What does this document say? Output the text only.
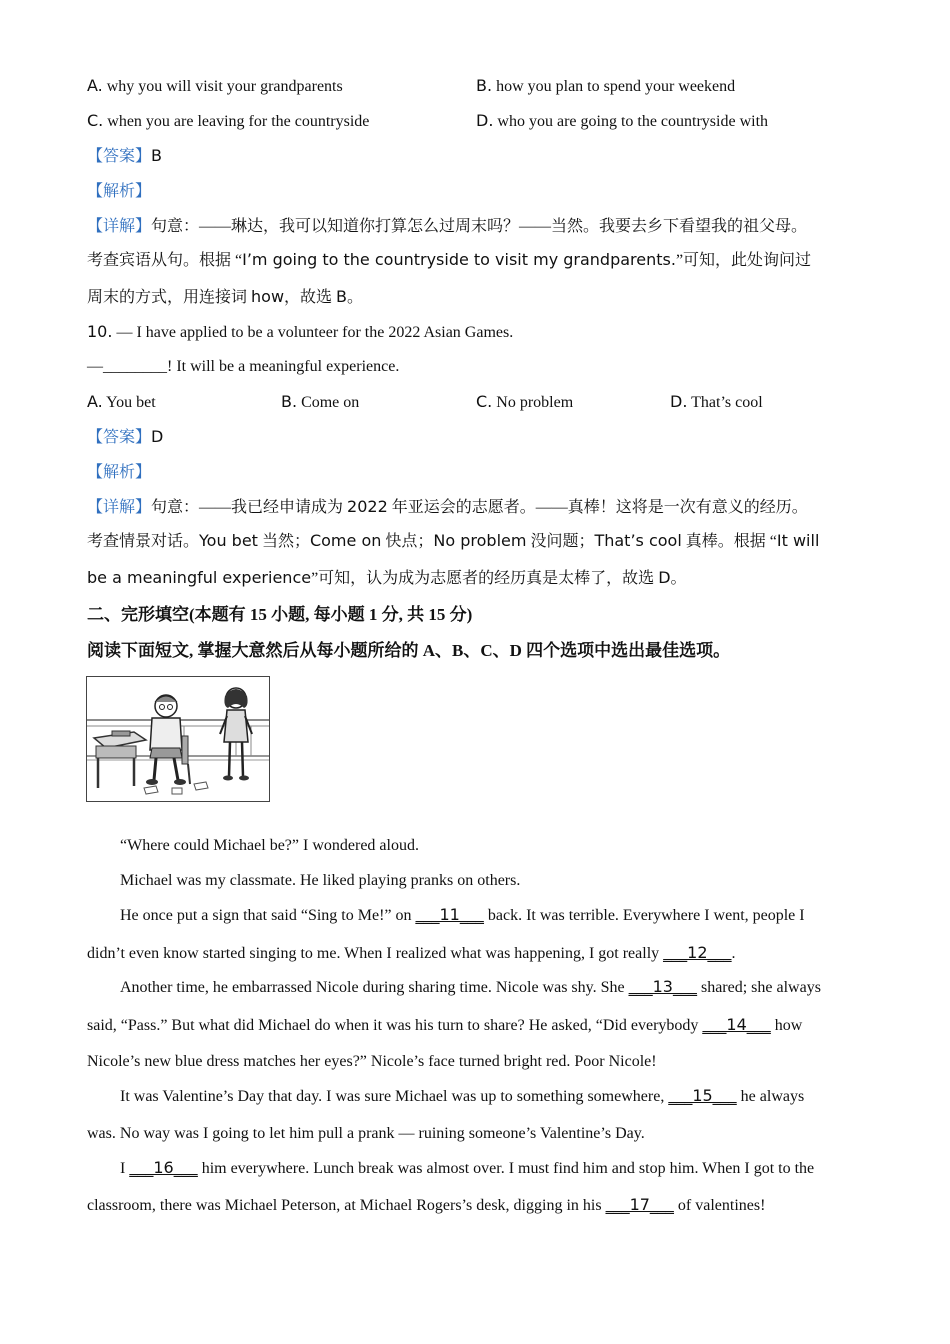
A. why you will visit your grandparents	B. how you plan to spend your weekend
C. when you are leaving for the countryside	D. who you are going to the countryside with
【答案】B
【解析】
【详解】句意：——琳达，我可以知道你打算怎么过周末吗？——当然。我要去乡下看望我的祖父母。
考查宾语从句。根据 “I’m going to the countryside to visit my grandparents.”可知，此处询问过
周末的方式，用连接词 how，故选 B。
10. — I have applied to be a volunteer for the 2022 Asian Games.
—________! It will be a meaningful experience.
A. You bet	B. Come on	C. No problem	D. That’s cool
【答案】D
【解析】
【详解】句意：——我已经申请成为 2022 年亚运会的志愿者。——真棒！这将是一次有意义的经历。
考查情景对话。You bet 当然；Come on 快点；No problem 没问题；That’s cool 真棒。根据 “It will
be a meaningful experience”可知，认为成为志愿者的经历真是太棒了，故选 D。
二、完形填空(本题有 15 小题, 每小题 1 分, 共 15 分)
阅读下面短文, 掌握大意然后从每小题所给的 A、B、C、D 四个选项中选出最佳选项。
“Where could Michael be?” I wondered aloud.
Michael was my classmate. He liked playing pranks on others.
He once put a sign that said “Sing to Me!” on ___11___ back. It was terrible. Everywhere I went, people I
didn’t even know started singing to me. When I realized what was happening, I got really ___12___.
Another time, he embarrassed Nicole during sharing time. Nicole was shy. She ___13___ shared; she always
said, “Pass.” But what did Michael do when it was his turn to share? He asked, “Did everybody ___14___ how
Nicole’s new blue dress matches her eyes?” Nicole’s face turned bright red. Poor Nicole!
It was Valentine’s Day that day. I was sure Michael was up to something somewhere, ___15___ he always
was. No way was I going to let him pull a prank — ruining someone’s Valentine’s Day.
I ___16___ him everywhere. Lunch break was almost over. I must find him and stop him. When I got to the
classroom, there was Michael Peterson, at Michael Rogers’s desk, digging in his ___17___ of valentines!
